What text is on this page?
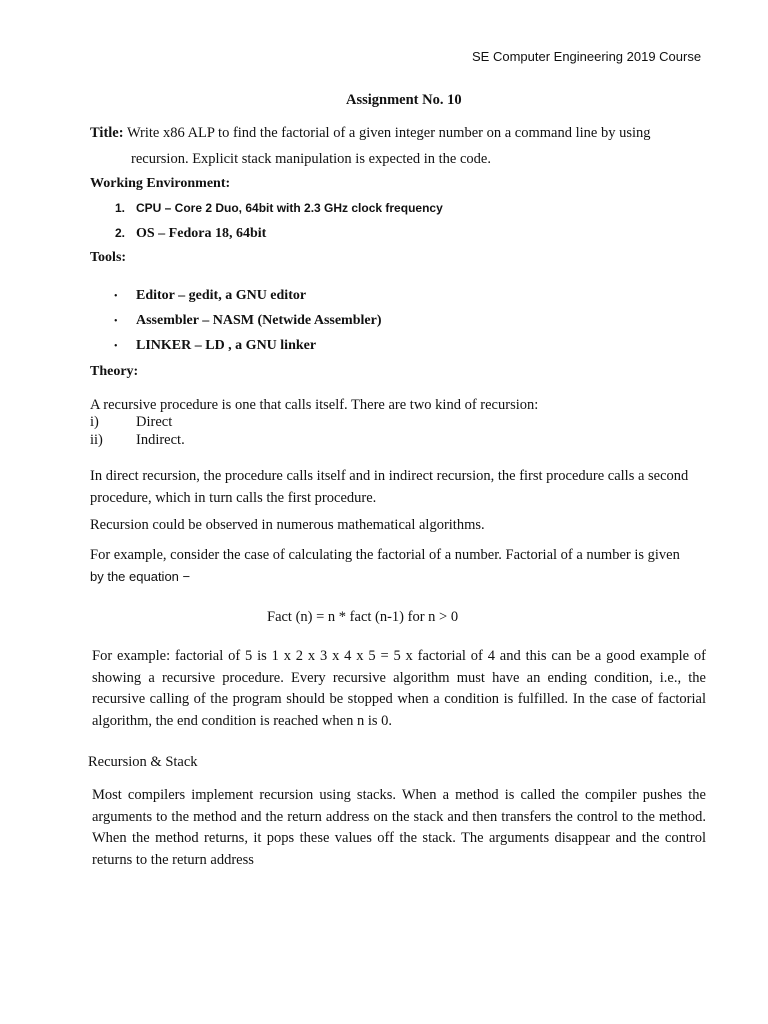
SE Computer Engineering 2019 Course
Assignment No. 10
Title: Write x86 ALP to find the factorial of a given integer number on a command line by using
recursion. Explicit stack manipulation is expected in the code.
Working Environment:
1. CPU – Core 2 Duo, 64bit with 2.3 GHz clock frequency
2. OS – Fedora 18, 64bit
Tools:
• Editor – gedit, a GNU editor
• Assembler – NASM (Netwide Assembler)
• LINKER – LD , a GNU linker
Theory:
A recursive procedure is one that calls itself. There are two kind of recursion:
i)	Direct
ii) Indirect.

In direct recursion, the procedure calls itself and in indirect recursion, the first procedure calls a second procedure, which in turn calls the first procedure.

Recursion could be observed in numerous mathematical algorithms.
For example, consider the case of calculating the factorial of a number. Factorial of a number is given
by the equation −
Fact (n) = n * fact (n-1) for n > 0

For example: factorial of 5 is 1 x 2 x 3 x 4 x 5 = 5 x factorial of 4 and this can be a good example of showing a recursive procedure. Every recursive algorithm must have an ending condition, i.e., the recursive calling of the program should be stopped when a condition is fulfilled. In the case of factorial algorithm, the end condition is reached when n is 0.

Recursion & Stack

Most compilers implement recursion using stacks. When a method is called the compiler pushes the arguments to the method and the return address on the stack and then transfers the control to the method. When the method returns, it pops these values off the stack. The arguments disappear and the control returns to the return address
